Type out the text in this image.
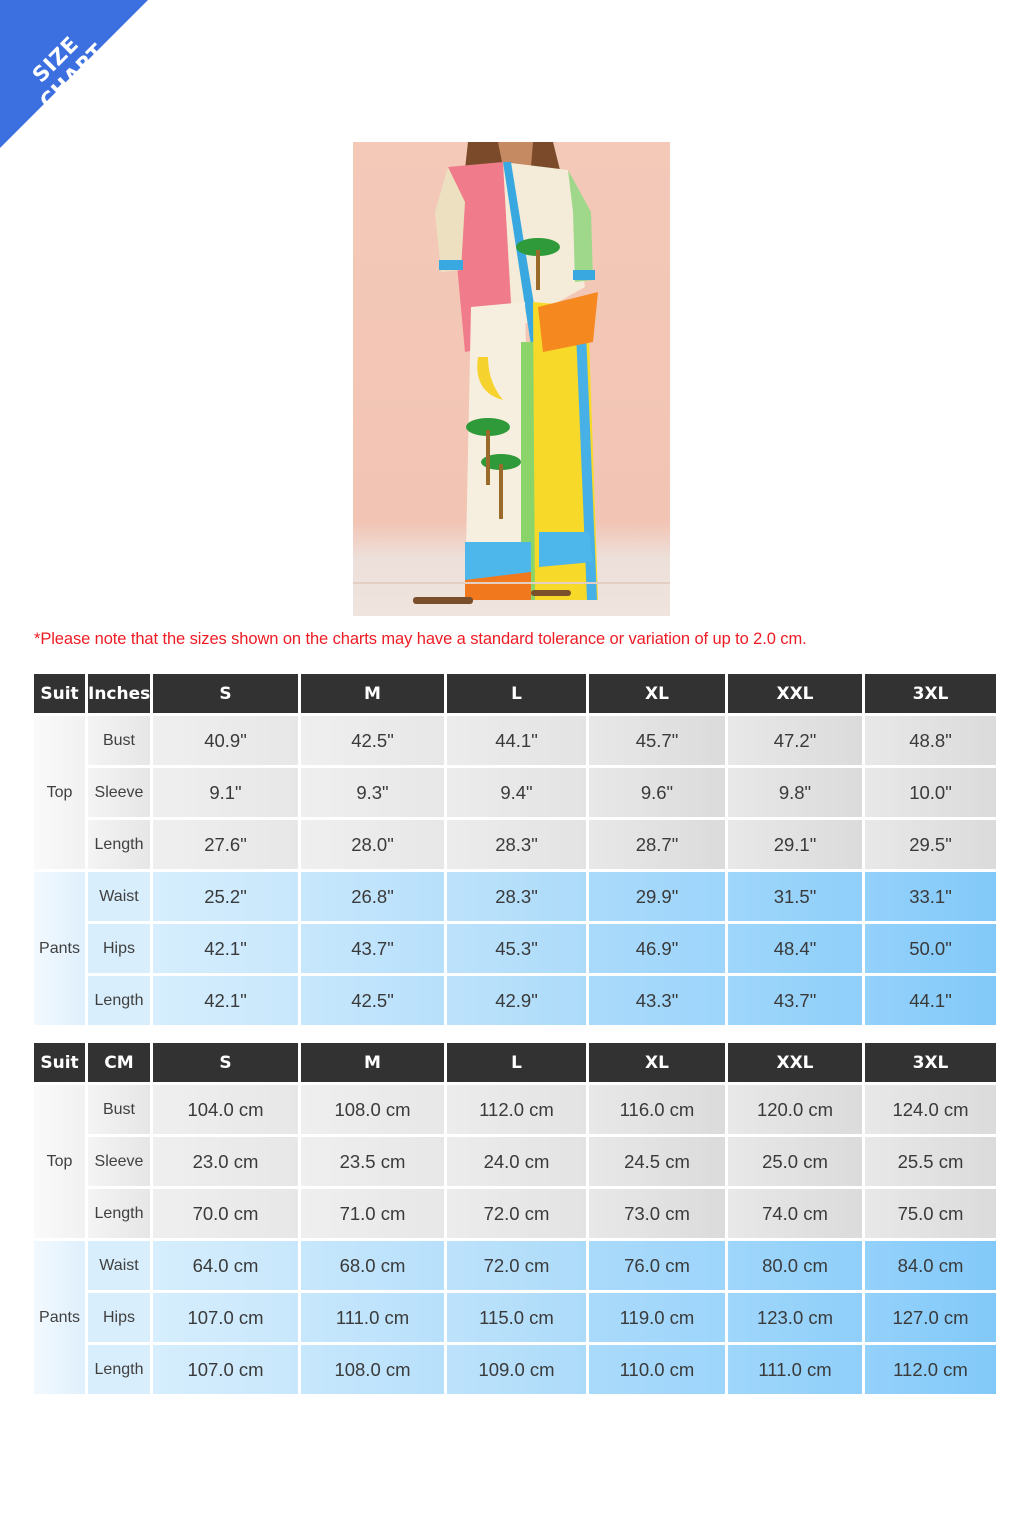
SIZE CHART
*Please note that the sizes shown on the charts may have a standard tolerance or variation of up to 2.0 cm.
Suit	Inches	S	M	L	XL	XXL	3XL
Top	Bust	40.9"	42.5"	44.1"	45.7"	47.2"	48.8"
	Sleeve	9.1"	9.3"	9.4"	9.6"	9.8"	10.0"
	Length	27.6"	28.0"	28.3"	28.7"	29.1"	29.5"
Pants	Waist	25.2"	26.8"	28.3"	29.9"	31.5"	33.1"
	Hips	42.1"	43.7"	45.3"	46.9"	48.4"	50.0"
	Length	42.1"	42.5"	42.9"	43.3"	43.7"	44.1"
Suit	CM	S	M	L	XL	XXL	3XL
Top	Bust	104.0 cm	108.0 cm	112.0 cm	116.0 cm	120.0 cm	124.0 cm
	Sleeve	23.0 cm	23.5 cm	24.0 cm	24.5 cm	25.0 cm	25.5 cm
	Length	70.0 cm	71.0 cm	72.0 cm	73.0 cm	74.0 cm	75.0 cm
Pants	Waist	64.0 cm	68.0 cm	72.0 cm	76.0 cm	80.0 cm	84.0 cm
	Hips	107.0 cm	111.0 cm	115.0 cm	119.0 cm	123.0 cm	127.0 cm
	Length	107.0 cm	108.0 cm	109.0 cm	110.0 cm	111.0 cm	112.0 cm
